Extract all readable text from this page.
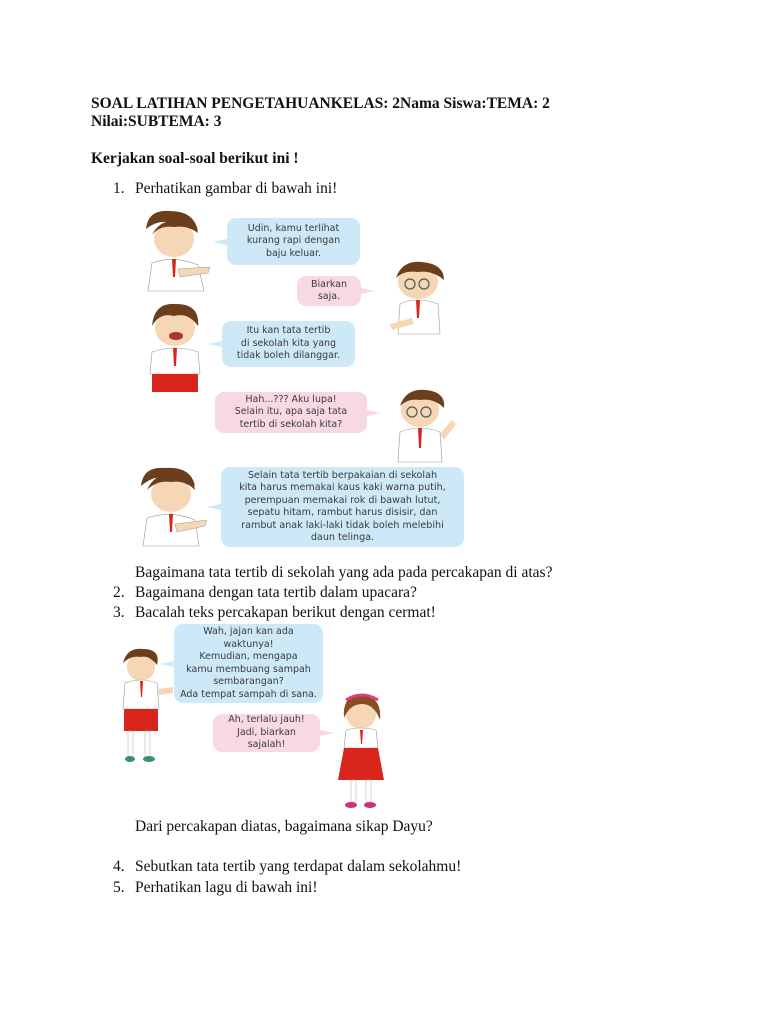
SOAL LATIHAN PENGETAHUANKELAS: 2Nama Siswa:TEMA: 2
Nilai:SUBTEMA: 3
Kerjakan soal-soal berikut ini !
1. Perhatikan gambar di bawah ini!
Udin, kamu terlihat
kurang rapi dengan
baju keluar.
Biarkan
saja.
Itu kan tata tertib
di sekolah kita yang
tidak boleh dilanggar.
Hah...??? Aku lupa!
Selain itu, apa saja tata
tertib di sekolah kita?
Selain tata tertib berpakaian di sekolah
kita harus memakai kaus kaki warna putih,
perempuan memakai rok di bawah lutut,
sepatu hitam, rambut harus disisir, dan
rambut anak laki-laki tidak boleh melebihi
daun telinga.
Bagaimana tata tertib di sekolah yang ada pada percakapan di atas?
2. Bagaimana dengan tata tertib dalam upacara?
3. Bacalah teks percakapan berikut dengan cermat!
Wah, jajan kan ada waktunya!
Kemudian, mengapa
kamu membuang sampah
sembarangan?
Ada tempat sampah di sana.
Ah, terlalu jauh!
Jadi, biarkan sajalah!
Dari percakapan diatas, bagaimana sikap Dayu?
4. Sebutkan tata tertib yang terdapat dalam sekolahmu!
5. Perhatikan lagu di bawah ini!
